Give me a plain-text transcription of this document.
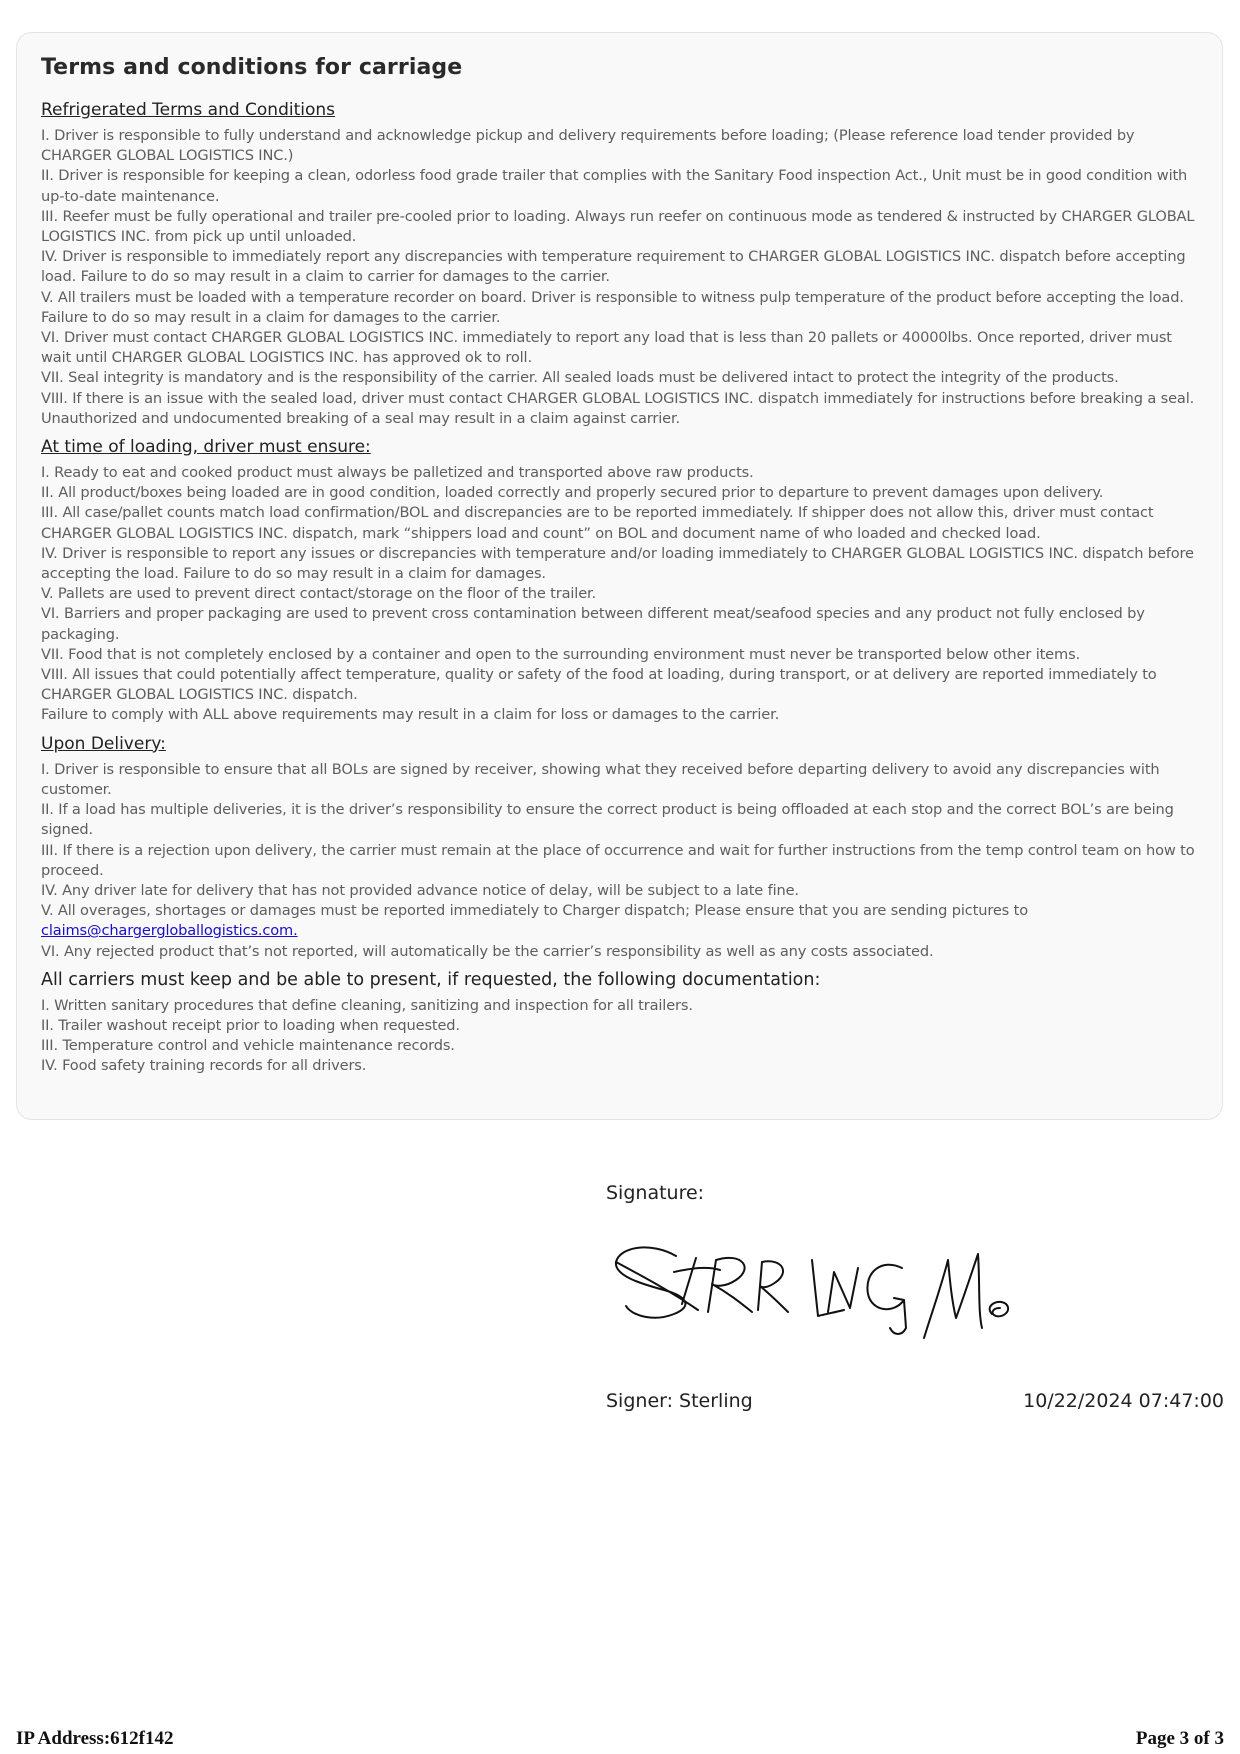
Terms and conditions for carriage
Refrigerated Terms and Conditions

I. Driver is responsible to fully understand and acknowledge pickup and delivery requirements before loading; (Please reference load tender provided by CHARGER GLOBAL LOGISTICS INC.)

II. Driver is responsible for keeping a clean, odorless food grade trailer that complies with the Sanitary Food inspection Act., Unit must be in good condition with up-to-date maintenance.

III. Reefer must be fully operational and trailer pre-cooled prior to loading. Always run reefer on continuous mode as tendered & instructed by CHARGER GLOBAL LOGISTICS INC. from pick up until unloaded.

IV. Driver is responsible to immediately report any discrepancies with temperature requirement to CHARGER GLOBAL LOGISTICS INC. dispatch before accepting load. Failure to do so may result in a claim to carrier for damages to the carrier.

V. All trailers must be loaded with a temperature recorder on board. Driver is responsible to witness pulp temperature of the product before accepting the load. Failure to do so may result in a claim for damages to the carrier.

VI. Driver must contact CHARGER GLOBAL LOGISTICS INC. immediately to report any load that is less than 20 pallets or 40000lbs. Once reported, driver must wait until CHARGER GLOBAL LOGISTICS INC. has approved ok to roll.

VII. Seal integrity is mandatory and is the responsibility of the carrier. All sealed loads must be delivered intact to protect the integrity of the products.

VIII. If there is an issue with the sealed load, driver must contact CHARGER GLOBAL LOGISTICS INC. dispatch immediately for instructions before breaking a seal. Unauthorized and undocumented breaking of a seal may result in a claim against carrier.

At time of loading, driver must ensure:

I. Ready to eat and cooked product must always be palletized and transported above raw products.

II. All product/boxes being loaded are in good condition, loaded correctly and properly secured prior to departure to prevent damages upon delivery.

III. All case/pallet counts match load confirmation/BOL and discrepancies are to be reported immediately. If shipper does not allow this, driver must contact CHARGER GLOBAL LOGISTICS INC. dispatch, mark “shippers load and count” on BOL and document name of who loaded and checked load.

IV. Driver is responsible to report any issues or discrepancies with temperature and/or loading immediately to CHARGER GLOBAL LOGISTICS INC. dispatch before accepting the load. Failure to do so may result in a claim for damages.

V. Pallets are used to prevent direct contact/storage on the floor of the trailer.

VI. Barriers and proper packaging are used to prevent cross contamination between different meat/seafood species and any product not fully enclosed by packaging.

VII. Food that is not completely enclosed by a container and open to the surrounding environment must never be transported below other items.

VIII. All issues that could potentially affect temperature, quality or safety of the food at loading, during transport, or at delivery are reported immediately to CHARGER GLOBAL LOGISTICS INC. dispatch.

Failure to comply with ALL above requirements may result in a claim for loss or damages to the carrier.

Upon Delivery:

I. Driver is responsible to ensure that all BOLs are signed by receiver, showing what they received before departing delivery to avoid any discrepancies with customer.

II. If a load has multiple deliveries, it is the driver’s responsibility to ensure the correct product is being offloaded at each stop and the correct BOL’s are being signed.

III. If there is a rejection upon delivery, the carrier must remain at the place of occurrence and wait for further instructions from the temp control team on how to proceed.

IV. Any driver late for delivery that has not provided advance notice of delay, will be subject to a late fine.

V. All overages, shortages or damages must be reported immediately to Charger dispatch; Please ensure that you are sending pictures to claims@chargergloballogistics.com.

VI. Any rejected product that’s not reported, will automatically be the carrier’s responsibility as well as any costs associated.

All carriers must keep and be able to present, if requested, the following documentation:

I. Written sanitary procedures that define cleaning, sanitizing and inspection for all trailers.

II. Trailer washout receipt prior to loading when requested.

III. Temperature control and vehicle maintenance records.

IV. Food safety training records for all drivers.

Signature:
Signer: Sterling	10/22/2024 07:47:00
IP Address:612f142	Page 3 of 3
